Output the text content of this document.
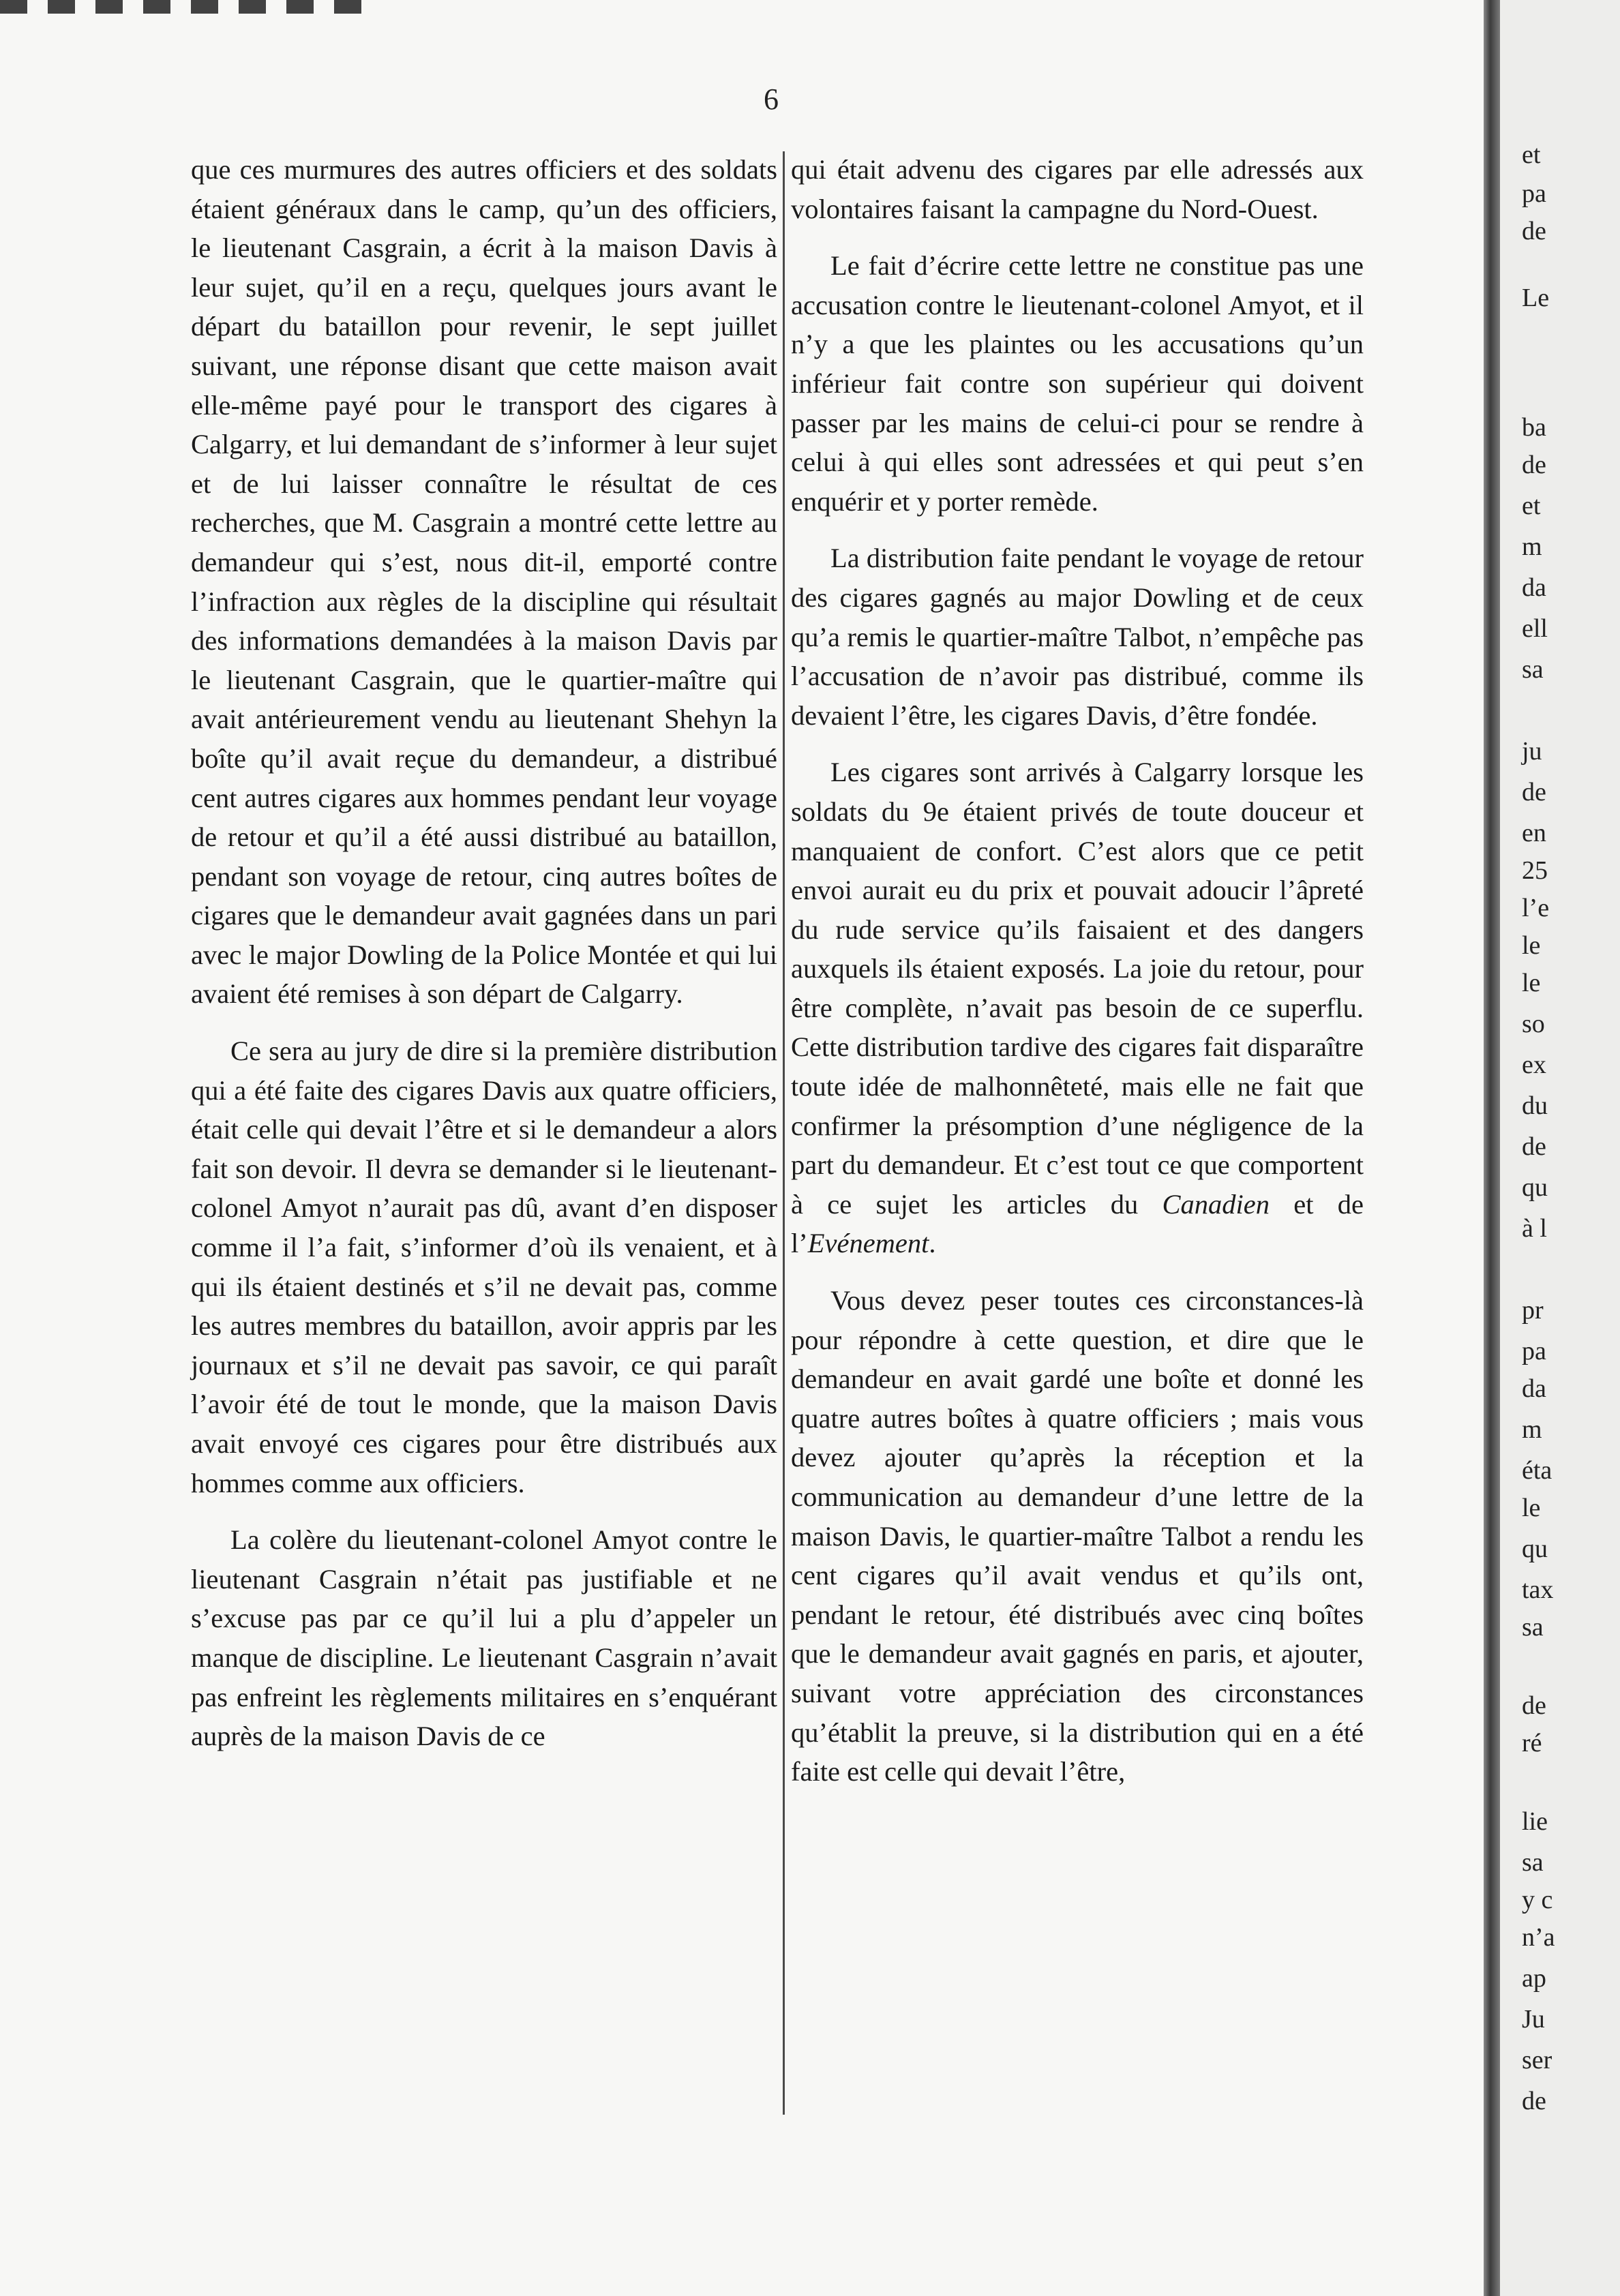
6

que ces murmures des autres officiers et des soldats étaient généraux dans le camp, qu’un des officiers, le lieutenant Casgrain, a écrit à la maison Davis à leur sujet, qu’il en a reçu, quelques jours avant le départ du bataillon pour revenir, le sept juillet suivant, une réponse disant que cette maison avait elle-même payé pour le transport des cigares à Calgarry, et lui demandant de s’informer à leur sujet et de lui laisser connaître le résultat de ces recherches, que M. Casgrain a montré cette lettre au demandeur qui s’est, nous dit-il, emporté contre l’infraction aux règles de la discipline qui résultait des informations demandées à la maison Davis par le lieutenant Casgrain, que le quartier-maître qui avait antérieurement vendu au lieutenant Shehyn la boîte qu’il avait reçue du demandeur, a distribué cent autres cigares aux hommes pendant leur voyage de retour et qu’il a été aussi distribué au bataillon, pendant son voyage de retour, cinq autres boîtes de cigares que le demandeur avait gagnées dans un pari avec le major Dowling de la Police Montée et qui lui avaient été remises à son départ de Calgarry.

Ce sera au jury de dire si la première distribution qui a été faite des cigares Davis aux quatre officiers, était celle qui devait l’être et si le demandeur a alors fait son devoir. Il devra se demander si le lieutenant-colonel Amyot n’aurait pas dû, avant d’en disposer comme il l’a fait, s’informer d’où ils venaient, et à qui ils étaient destinés et s’il ne devait pas, comme les autres membres du bataillon, avoir appris par les journaux et s’il ne devait pas savoir, ce qui paraît l’avoir été de tout le monde, que la maison Davis avait envoyé ces cigares pour être distribués aux hommes comme aux officiers.

La colère du lieutenant-colonel Amyot contre le lieutenant Casgrain n’était pas justifiable et ne s’excuse pas par ce qu’il lui a plu d’appeler un manque de discipline. Le lieutenant Casgrain n’avait pas enfreint les règlements militaires en s’enquérant auprès de la maison Davis de ce

qui était advenu des cigares par elle adressés aux volontaires faisant la campagne du Nord-Ouest.

Le fait d’écrire cette lettre ne constitue pas une accusation contre le lieutenant-colonel Amyot, et il n’y a que les plaintes ou les accusations qu’un inférieur fait contre son supérieur qui doivent passer par les mains de celui-ci pour se rendre à celui à qui elles sont adressées et qui peut s’en enquérir et y porter remède.

La distribution faite pendant le voyage de retour des cigares gagnés au major Dowling et de ceux qu’a remis le quartier-maître Talbot, n’empêche pas l’accusation de n’avoir pas distribué, comme ils devaient l’être, les cigares Davis, d’être fondée.

Les cigares sont arrivés à Calgarry lorsque les soldats du 9e étaient privés de toute douceur et manquaient de confort. C’est alors que ce petit envoi aurait eu du prix et pouvait adoucir l’âpreté du rude service qu’ils faisaient et des dangers auxquels ils étaient exposés. La joie du retour, pour être complète, n’avait pas besoin de ce superflu. Cette distribution tardive des cigares fait disparaître toute idée de malhonnêteté, mais elle ne fait que confirmer la présomption d’une négligence de la part du demandeur. Et c’est tout ce que comportent à ce sujet les articles du Canadien et de l’Evénement.

Vous devez peser toutes ces circonstances-là pour répondre à cette question, et dire que le demandeur en avait gardé une boîte et donné les quatre autres boîtes à quatre officiers ; mais vous devez ajouter qu’après la réception et la communication au demandeur d’une lettre de la maison Davis, le quartier-maître Talbot a rendu les cent cigares qu’il avait vendus et qu’ils ont, pendant le retour, été distribués avec cinq boîtes que le demandeur avait gagnés en paris, et ajouter, suivant votre appréciation des circonstances qu’établit la preuve, si la distribution qui en a été faite est celle qui devait l’être,

et
pa
de
Le
ba
de
et
m
da
ell
sa
ju
de
en
25
l’e
le
le
so
ex
du
de
qu
à l
pr
pa
da
m
éta
le
qu
tax
sa
de
ré
lie
sa
y c
n’a
ap
Ju
ser
de
